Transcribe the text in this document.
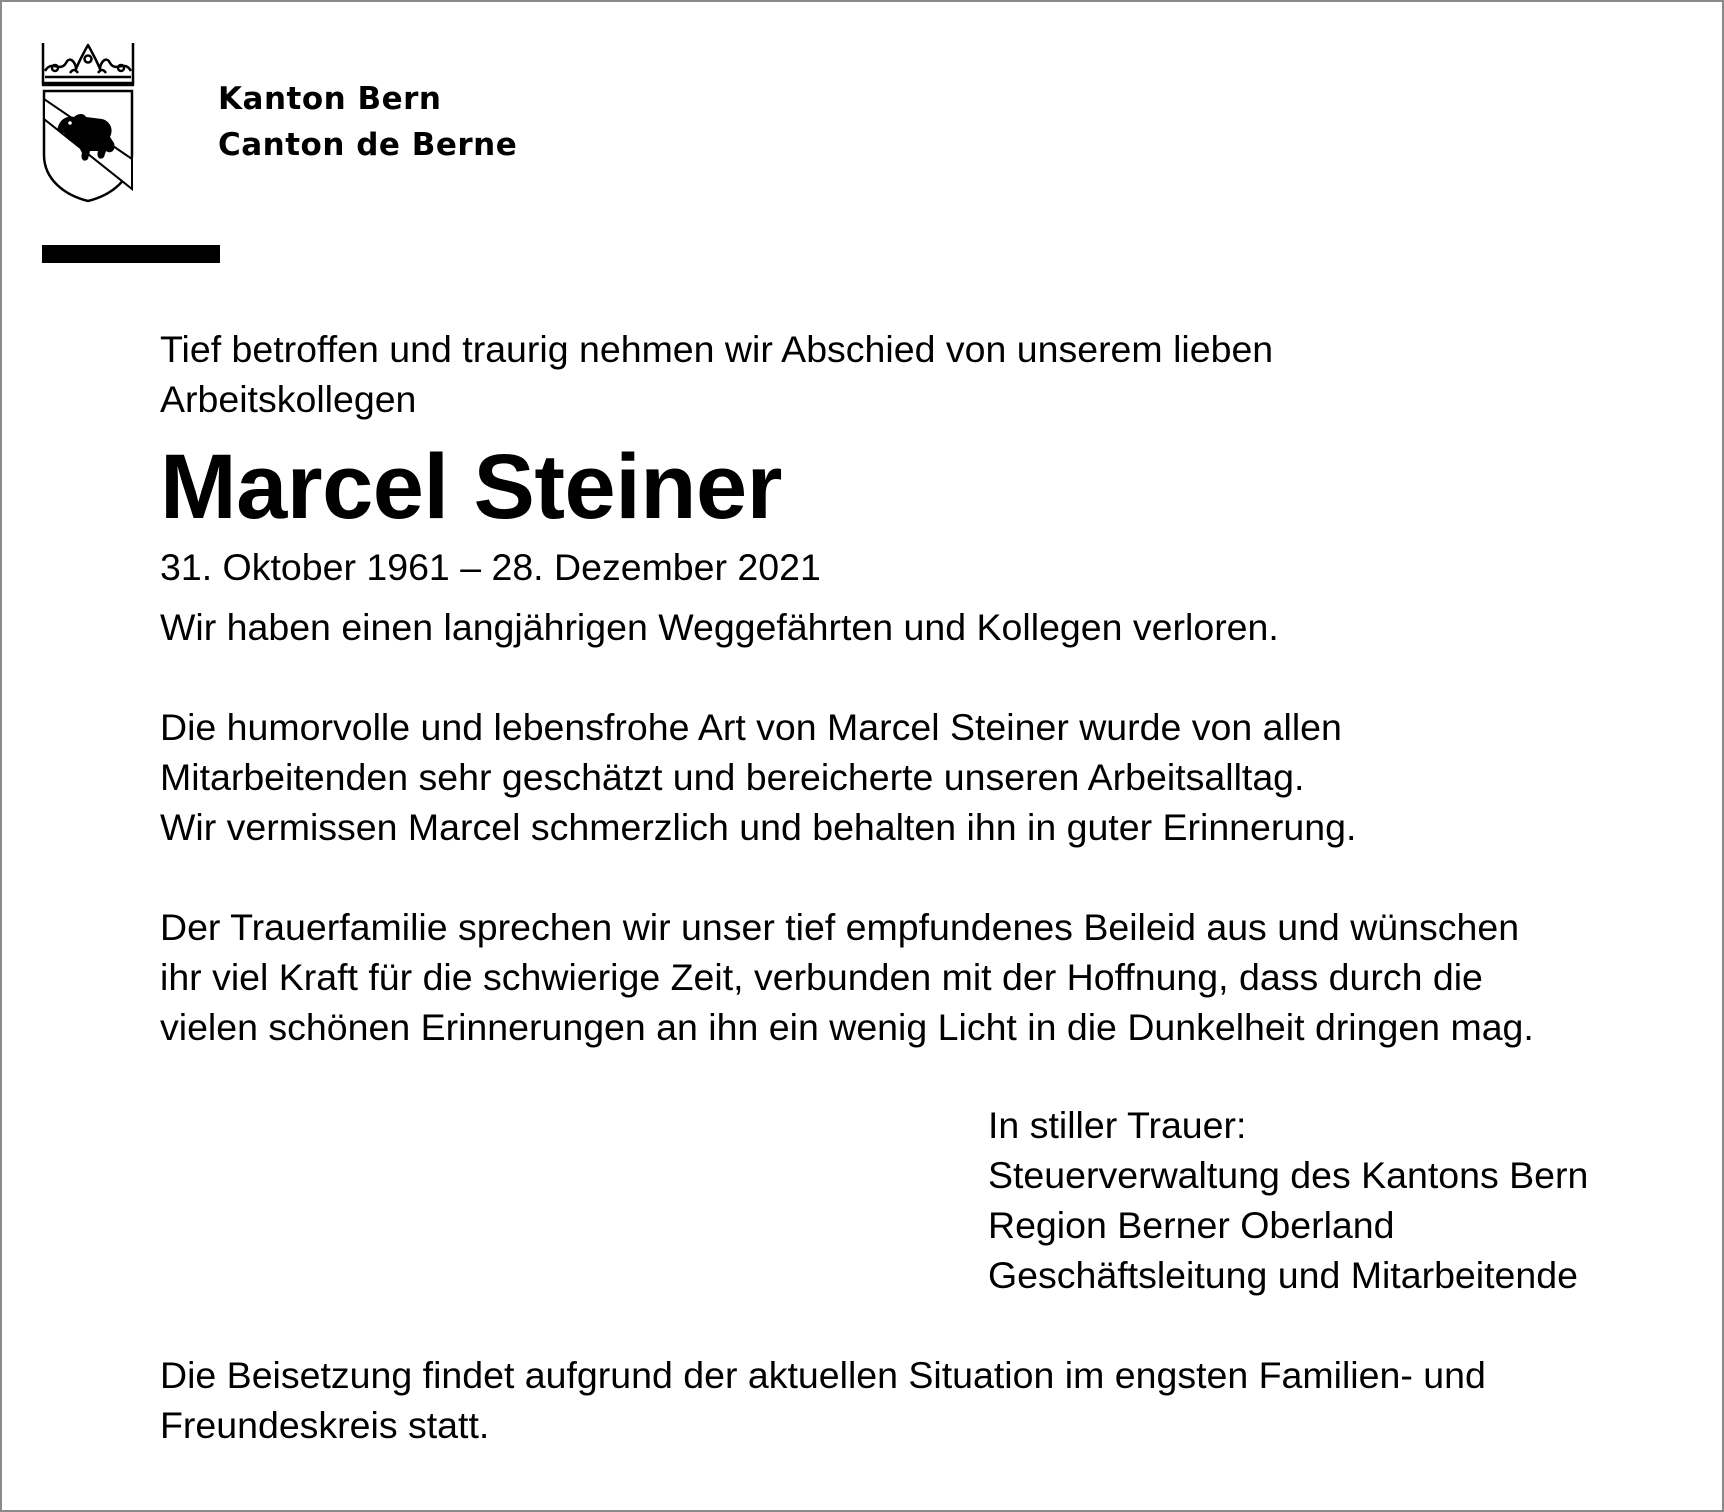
Kanton Bern
Canton de Berne
Tief betroffen und traurig nehmen wir Abschied von unserem lieben
Arbeitskollegen
Marcel Steiner
31. Oktober 1961 – 28. Dezember 2021
Wir haben einen langjährigen Weggefährten und Kollegen verloren.
Die humorvolle und lebensfrohe Art von Marcel Steiner wurde von allen
Mitarbeitenden sehr geschätzt und bereicherte unseren Arbeitsalltag.
Wir vermissen Marcel schmerzlich und behalten ihn in guter Erinnerung.
Der Trauerfamilie sprechen wir unser tief empfundenes Beileid aus und wünschen
ihr viel Kraft für die schwierige Zeit, verbunden mit der Hoffnung, dass durch die
vielen schönen Erinnerungen an ihn ein wenig Licht in die Dunkelheit dringen mag.
In stiller Trauer:
Steuerverwaltung des Kantons Bern
Region Berner Oberland
Geschäftsleitung und Mitarbeitende
Die Beisetzung findet aufgrund der aktuellen Situation im engsten Familien- und
Freundeskreis statt.
